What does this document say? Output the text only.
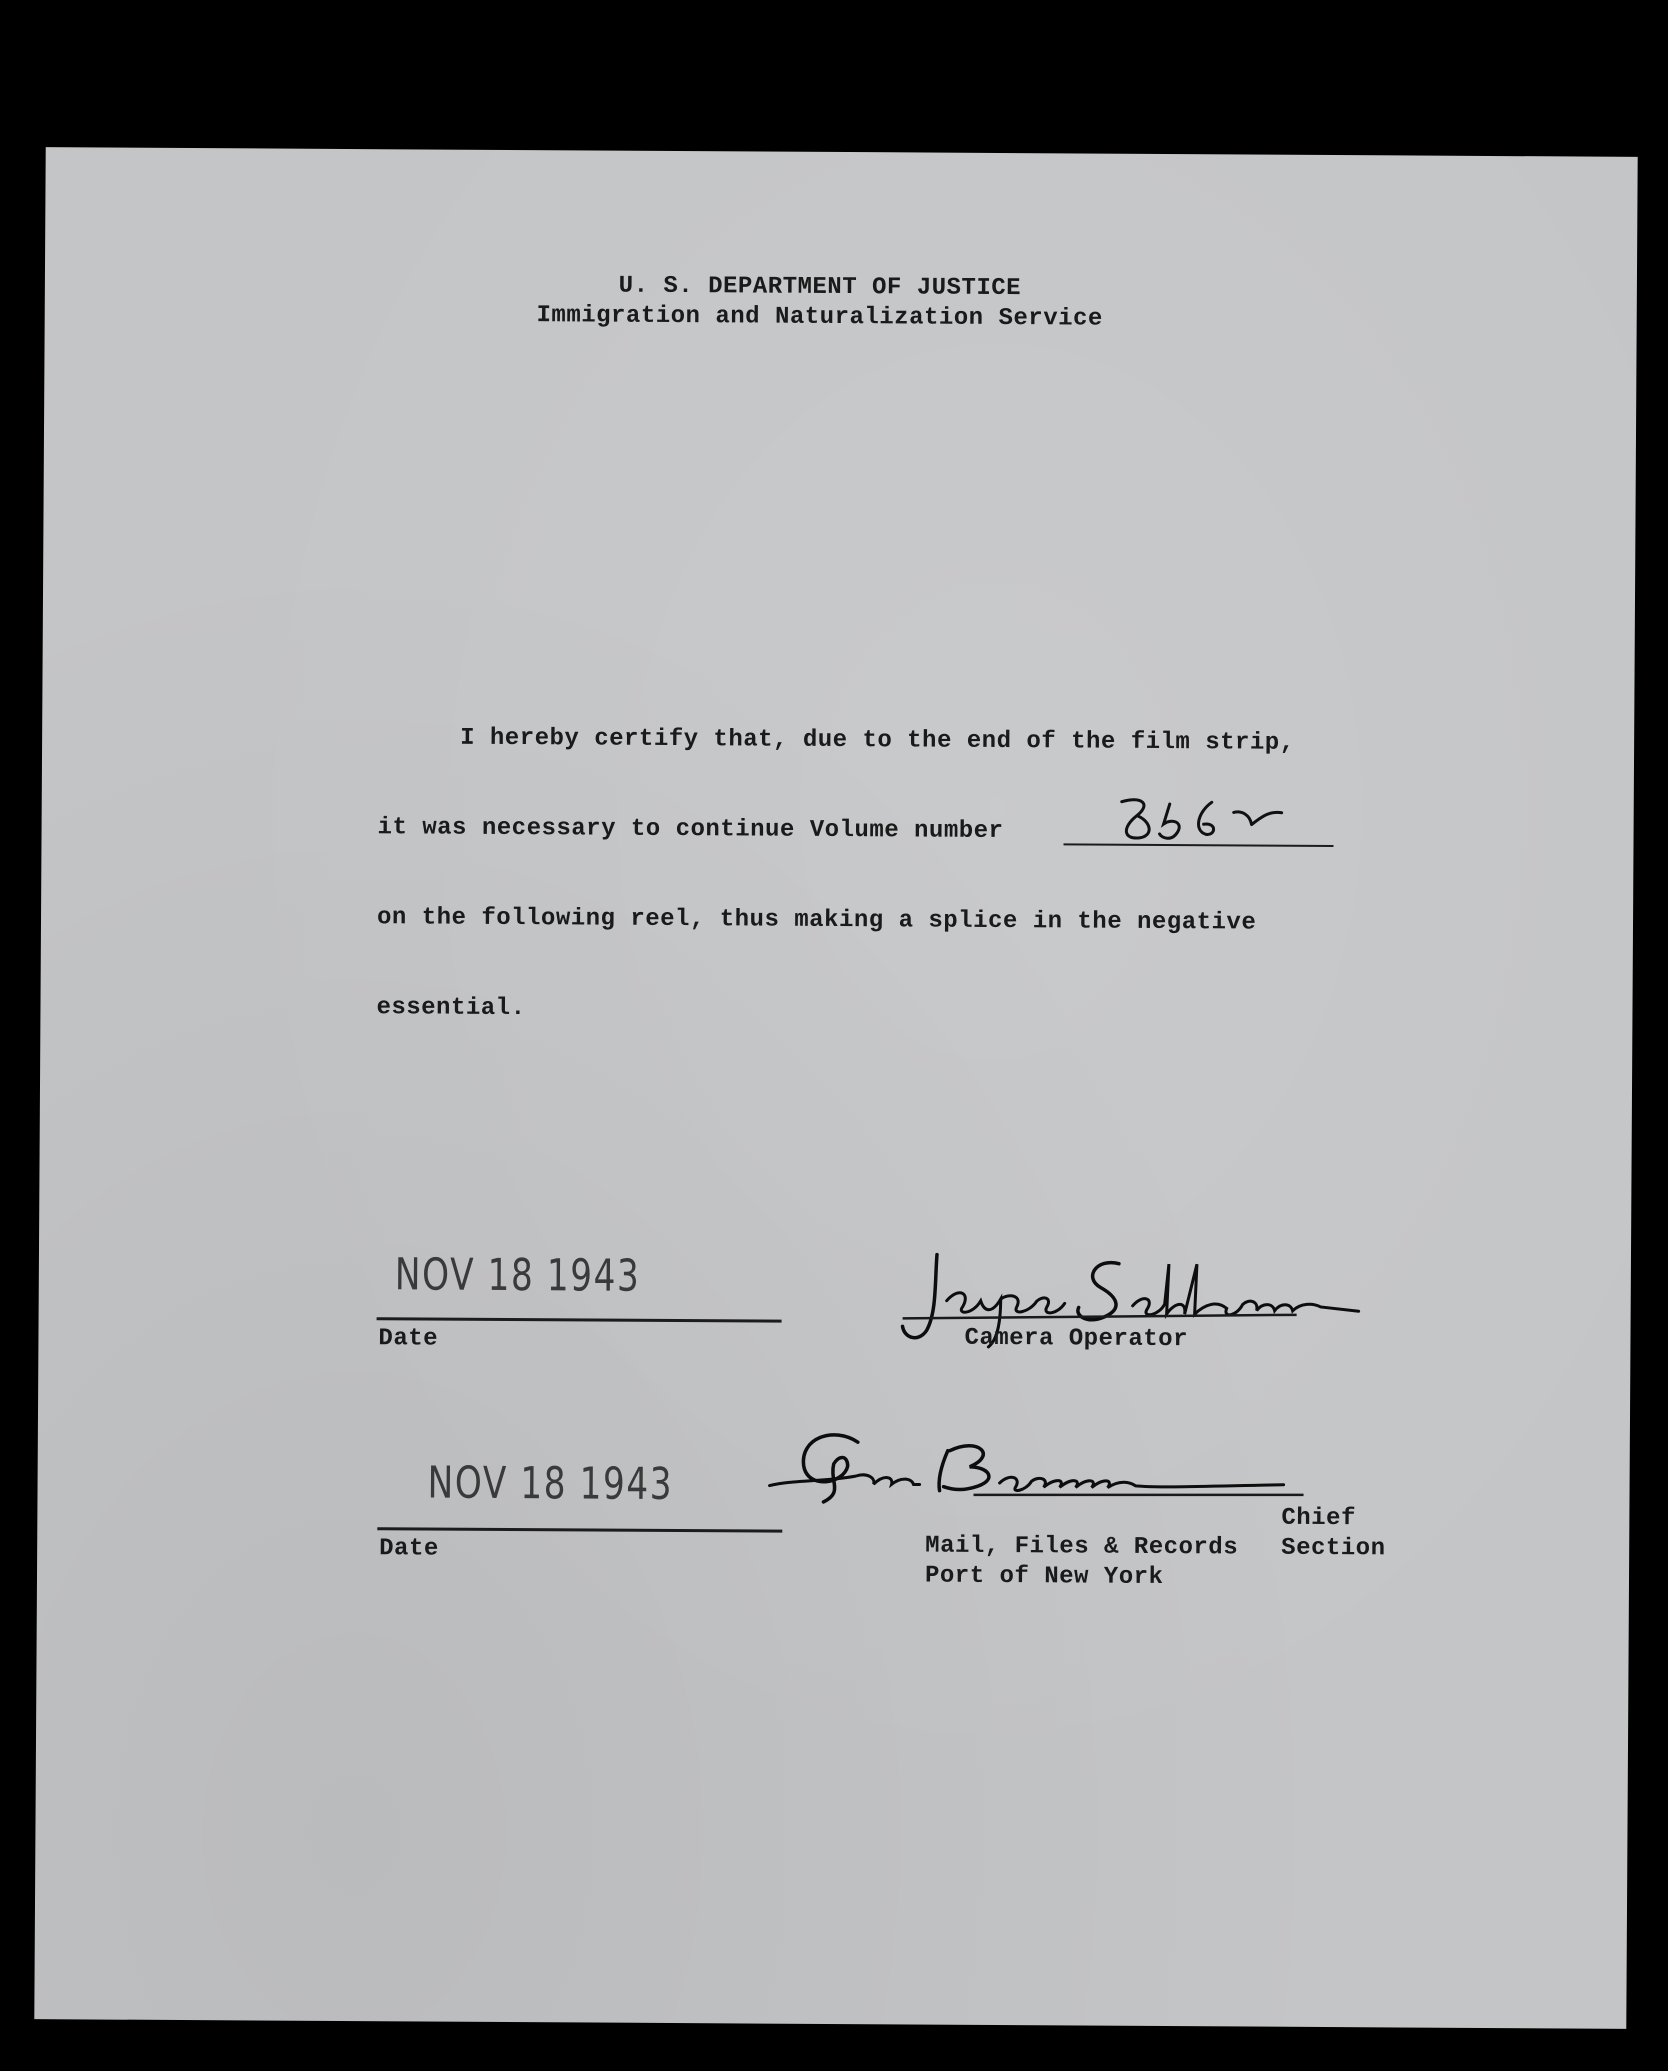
U. S. DEPARTMENT OF JUSTICE
Immigration and Naturalization Service
I hereby certify that, due to the end of the film strip,
it was necessary to continue Volume number
on the following reel, thus making a splice in the negative
essential.
NOV 18 1943
Date	Camera Operator
NOV 18 1943
Date
Chief
Mail, Files & Records Section
Port of New York
